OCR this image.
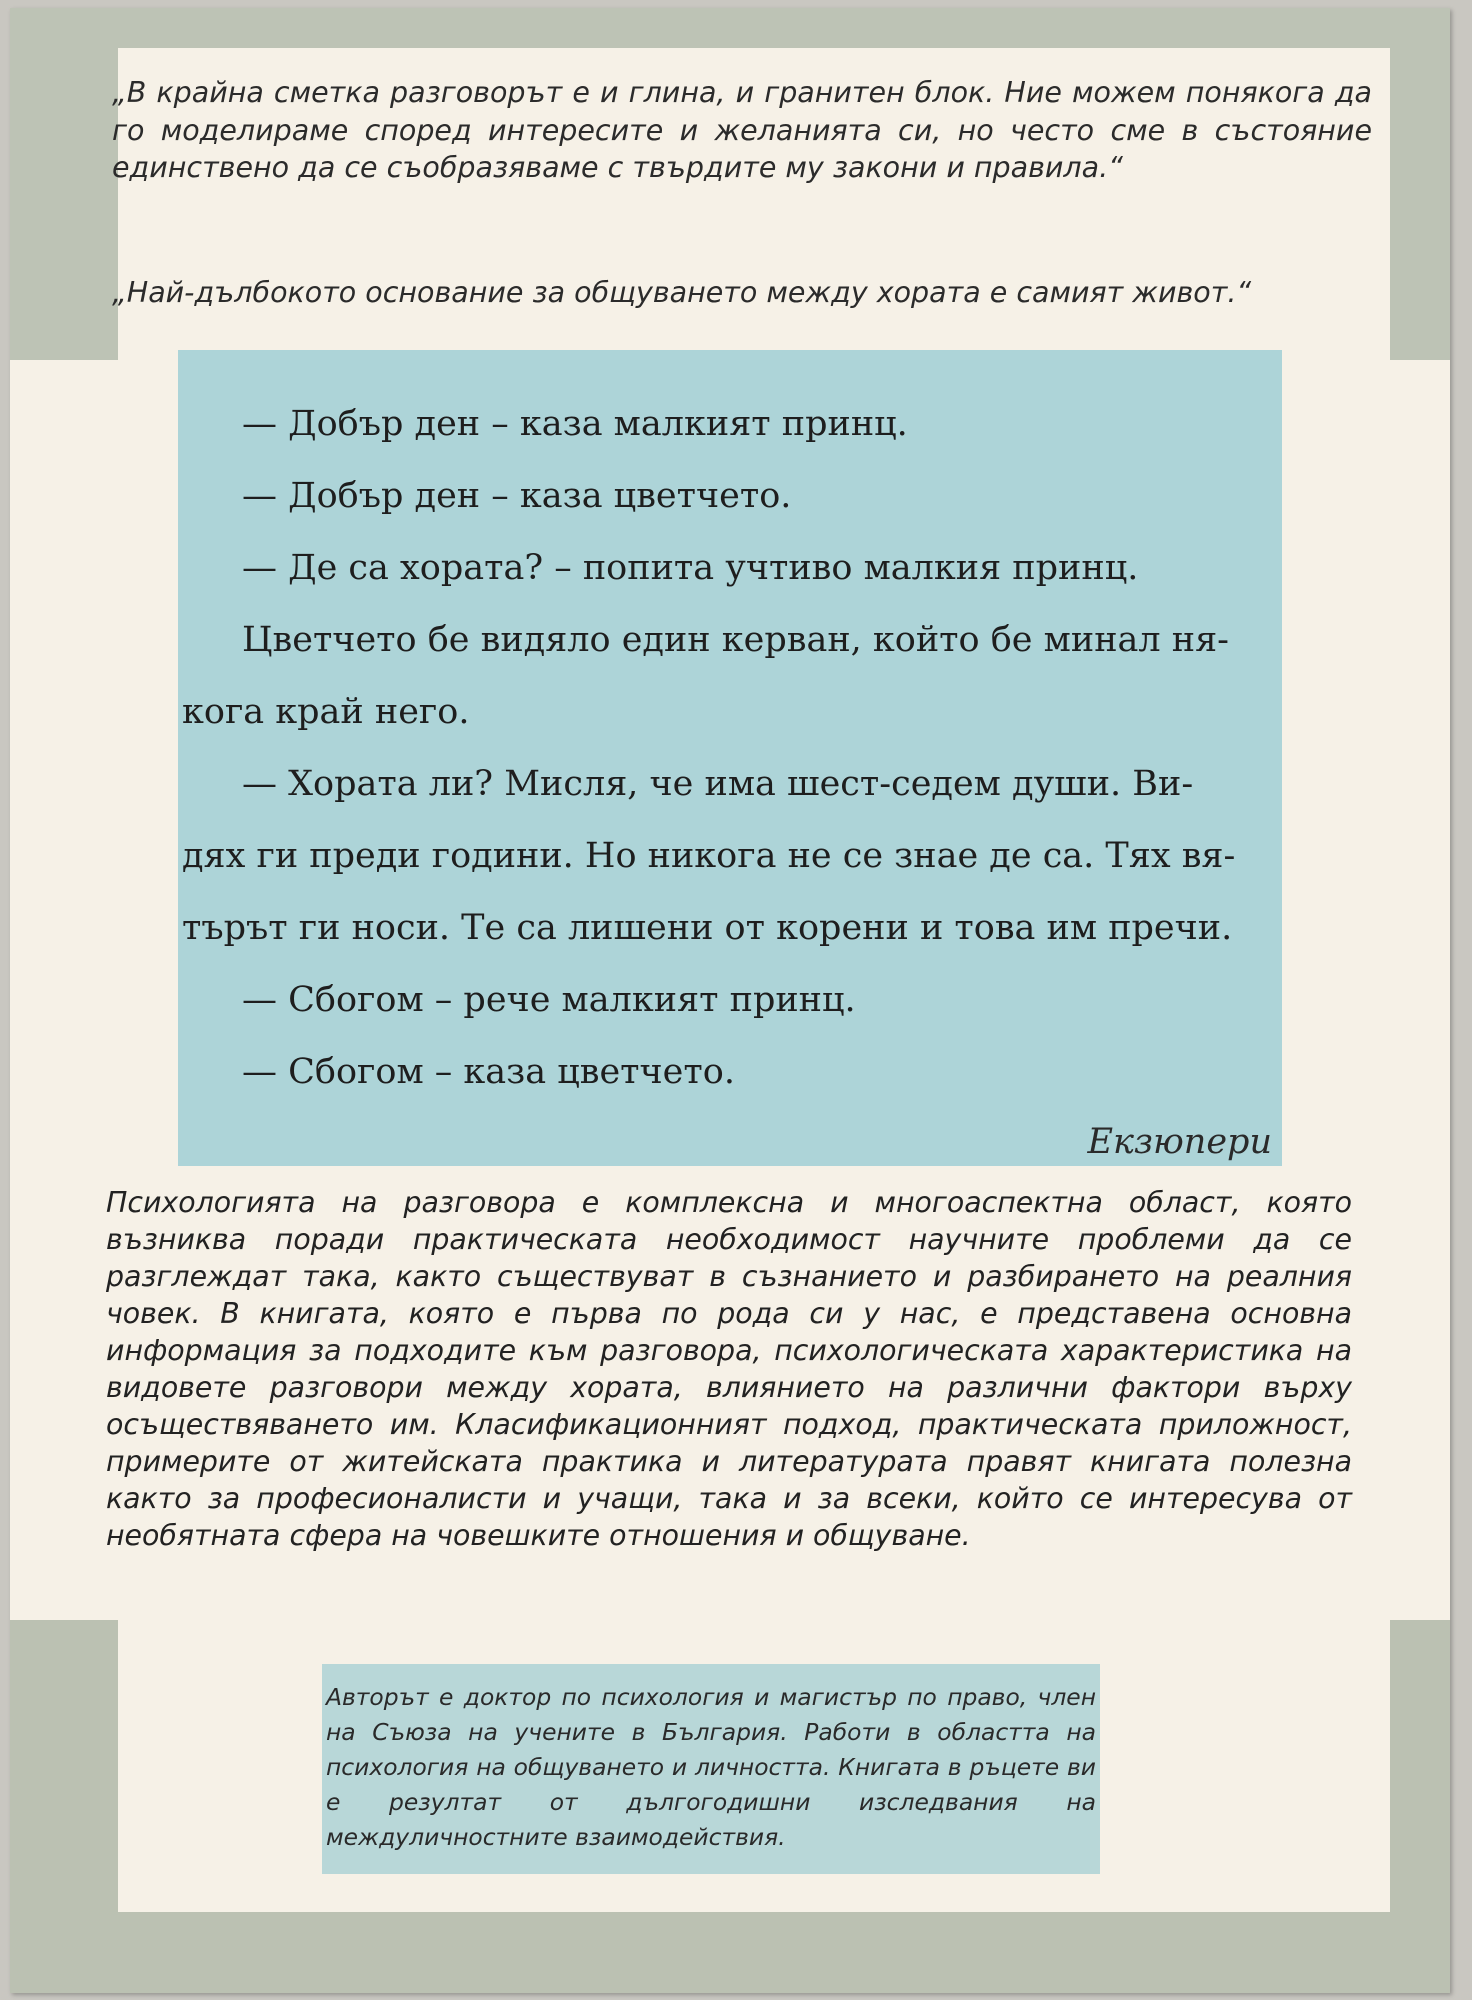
„В крайна сметка разговорът е и глина, и гранитен блок. Ние можем понякога да го моделираме според интересите и желанията си, но често сме в състояние единствено да се съобразяваме с твърдите му закони и правила.“
„Най-дълбокото основание за общуването между хората е самият живот.“

— Добър ден – каза малкият принц.

— Добър ден – каза цветчето.

— Де са хората? – попита учтиво малкия принц.

Цветчето бе видяло един керван, който бе минал ня-

кога край него.

— Хората ли? Мисля, че има шест-седем души. Ви-

дях ги преди години. Но никога не се знае де са. Тях вя-

търът ги носи. Те са лишени от корени и това им пречи.

— Сбогом – рече малкият принц.

— Сбогом – каза цветчето.

Екзюпери
Психологията на разговора е комплексна и многоаспектна област, която възниква поради практическата необходимост научните проблеми да се разглеждат така, както съществуват в съзнанието и разбирането на реалния човек. В книгата, която е първа по рода си у нас, е представена основна информация за подходите към разговора, психологическата характеристика на видовете разговори между хората, влиянието на различни фактори върху осъществяването им. Класификационният подход, практическата приложност, примерите от житейската практика и литературата правят книгата полезна както за професионалисти и учащи, така и за всеки, който се интересува от необятната сфера на човешките отношения и общуване.
Авторът е доктор по психология и магистър по право, член на Съюза на учените в България. Работи в областта на психология на общуването и личността. Книгата в ръцете ви е резултат от дългогодишни изследвания на междуличностните взаимодействия.
